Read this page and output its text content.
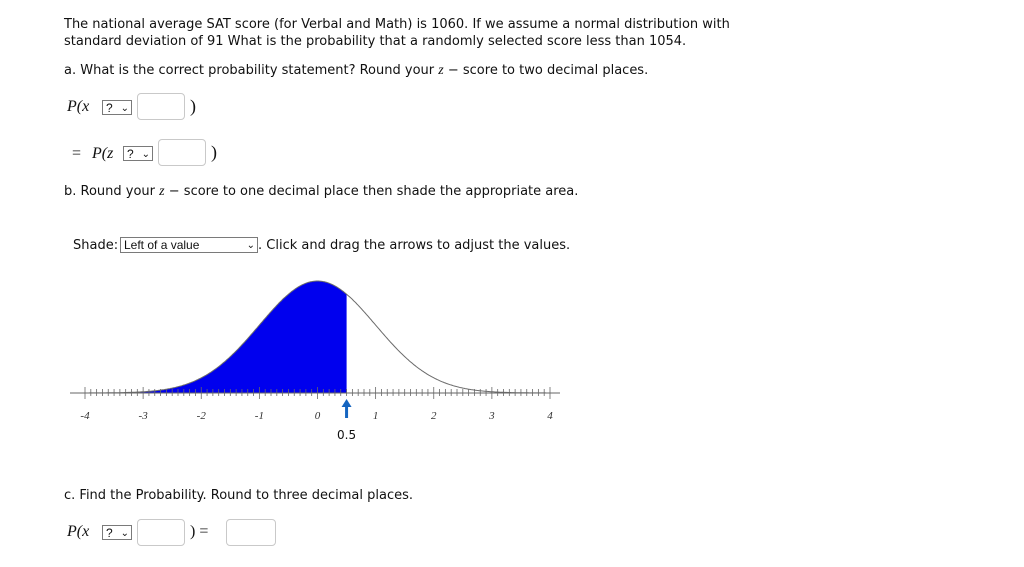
The national average SAT score (for Verbal and Math) is 1060. If we assume a normal distribution with
standard deviation of 91 What is the probability that a randomly selected score less than 1054.
a. What is the correct probability statement? Round your z − score to two decimal places.
P(x	? ⌄	)
= P(z	? ⌄	)
b. Round your z − score to one decimal place then shade the appropriate area.
Shade: Left of a value	⌄ . Click and drag the arrows to adjust the values.
-4	-3	-2	-1	0	1	2	3	4
0.5
c. Find the Probability. Round to three decimal places.
P(x	? ⌄	) =
